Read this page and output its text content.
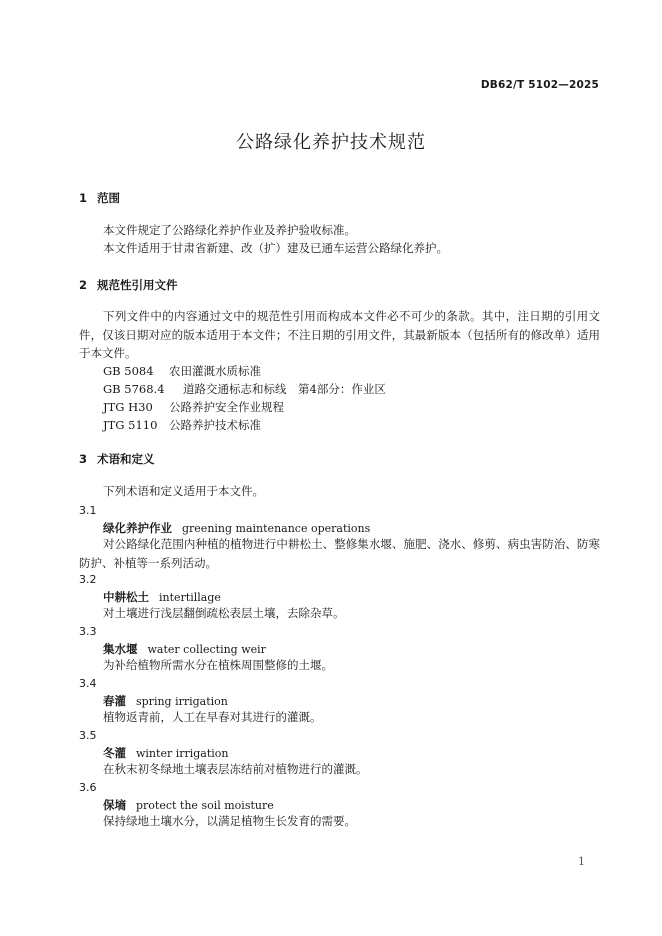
DB62/T 5102—2025
公路绿化养护技术规范
1 范围
本文件规定了公路绿化养护作业及养护验收标准。
本文件适用于甘肃省新建、改（扩）建及已通车运营公路绿化养护。
2 规范性引用文件
下列文件中的内容通过文中的规范性引用而构成本文件必不可少的条款。其中，注日期的引用文件，仅该日期对应的版本适用于本文件；不注日期的引用文件，其最新版本（包括所有的修改单）适用于本文件。
GB 5084 农田灌溉水质标准
GB 5768.4 道路交通标志和标线　第4部分：作业区
JTG H30 公路养护安全作业规程
JTG 5110 公路养护技术标准
3 术语和定义
下列术语和定义适用于本文件。
3.1
绿化养护作业 greening maintenance operations
对公路绿化范围内种植的植物进行中耕松土、整修集水堰、施肥、浇水、修剪、病虫害防治、防寒防护、补植等一系列活动。
3.2
中耕松土 intertillage
对土壤进行浅层翻倒疏松表层土壤，去除杂草。
3.3
集水堰 water collecting weir
为补给植物所需水分在植株周围整修的土堰。
3.4
春灌 spring irrigation
植物返青前，人工在早春对其进行的灌溉。
3.5
冬灌 winter irrigation
在秋末初冬绿地土壤表层冻结前对植物进行的灌溉。
3.6
保墒 protect the soil moisture
保持绿地土壤水分，以满足植物生长发育的需要。
1
